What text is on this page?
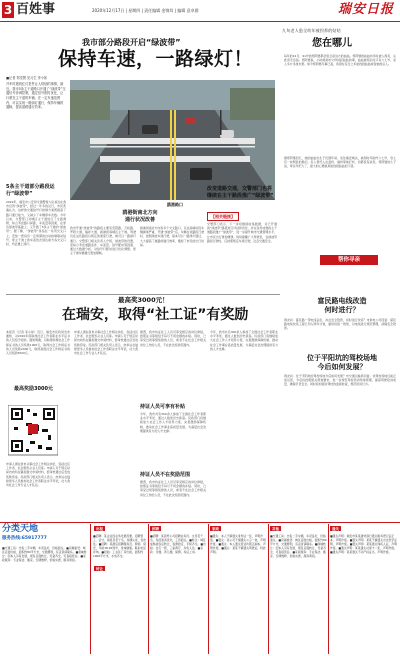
3 百姓事	2020年12月17日 | 星期四 | 责任编辑 金锦茸 | 编辑 意卓群	瑞安日报
我市部分路段开启“绿波带”
保持车速，一路绿灯！
■记者 郑觉慧 见习生 李小如
开车时遇到红灯是件让人烦恼的事情，最近，我市5条主干道路口开通了“绿波带”交通信号协调控制，通过信号配时优化，让行驶在主干道的车辆，在一定车速范围内，可以实现一路绿灯通行，保持车辆的通畅，提高道路通行效率。
鸥港路口
5条主干道部分路段运行“绿波带”
鸥港街南北方向
通行状况改善
改变道路交通，交警部门也将继续在主干路段推广“绿波带”
【相关链接】
2019年，瑞安市公安局交通警察大队首次在我市启用“绿波带”，经过一年多的运行，市民普遍认为，这样的交通信号灯控制方案既提高了路口通行能力，又减少了车辆停车次数。今年以来，交警部门对城区主干道进行了全面调研，综合考虑路口间距、车流量等因素，在原有绿波带基础上，又开通了5条主干道的“绿波带”。据了解，“绿波带”是指在一系列交叉口上，安装一套具有一定周期的自动控制联动信号，使主干道上的车流依次到达前方各交叉口时，均会遇上绿灯。
我市开通“绿波带”的路段主要有安阳路、万松路、罗阳大道、瑞祥大道、鸥港街等城区主干道。驾驶员在这些路段以规定的速度行驶，就可以一路绿灯通行。交警部门相关负责人介绍，绿波带的设置，需综合考虑道路条件、车流量、信号配时等因素，通过大数据分析，对信号灯配时进行优化调整，使主干道车辆通行更加顺畅。
鸥港街南北方向有多个交叉路口，以往高峰时段车辆拥堵严重，开通“绿波带”后，车辆在该路段行驶时，按照绿波车速行驶，基本可以一路绿灯通过，大大提高了道路的通行效率，缩短了市民的出行时间。
交警部门表示，下一步将继续收集数据，对已开通的“绿波带”路段进行评估和优化，并在条件成熟的主干道路段推广“绿波带”，进一步提升城市交通管理水平，让市民出行更加便捷。同时提醒广大驾驶员，在绿波带路段行驶时，应按照规定车速行驶，注意交通安全。
九旬老人患全幼年被拐养的姑姑
您在哪儿
每年的12月，91岁的郑阿婆都会思念起远方的姑姑。郑阿婆的姑姑幼年时被人拐卖，从此杳无音信。郑阿婆说，小时候常听父母讲起姑姑的事，姑姑被拐走时只有六七岁，家人多方寻找未果。如今郑阿婆年事已高，希望在有生之年能找到姑姑或者她的后人。
据郑阿婆回忆，她的姑姑出生于民国年间，家住瑞安城关，被拐时年龄约六七岁，身上有一块明显的胎记。家人曾托人在温州、福州等地打听，但都没有消息。郑阿婆的儿子说，母亲年纪大了，最大的心愿就是能找到姑姑的下落。
帮你寻亲
富民路电线改造
何时进行？
网友问：富民路一带电线杂乱，存在安全隐患，何时进行改造？市供电公司回复：富民路电线改造工程已列入明年计划，届时将统一规划，对电线进行规范整理，消除安全隐患。
位于平阳坑的驾校场地
今后如何发展？
网友问：位于平阳坑的驾校场地今后如何发展？市交通运输局回复：该驾校场地目前正常运营，今后将按照相关规划要求，进一步规范驾校培训场地管理，提高驾驶培训质量，确保学员安全。同时将加强对驾校的监督检查，规范培训行为。
最高奖3000元！
在瑞安，取得“社工证”有奖励
本报讯（记者 李小如）近日，瑞安市民政局发布通知，对2020年度取得社会工作者职业水平证书的人员给予奖励。通知明确，对取得助理社会工作师证书的人员奖励1000元，取得社会工作师证书的人员奖励2000元，取得高级社会工作师证书的人员奖励3000元。
最高奖励3000元
申请人须在我市从事社会工作相关岗位，包括社区工作者、社会组织从业人员等。申请人可于规定时间内向所在镇街提交申请材料，经审核通过后发放奖励资金。民政部门相关负责人表示，此举旨在鼓励更多人员参加社会工作者职业水平考试，壮大我市社会工作专业人才队伍。
申请人须在我市从事社会工作相关岗位，包括社区工作者、社会组织从业人员等。申请人可于规定时间内向所在镇街提交申请材料，经审核通过后发放奖励资金。民政部门相关负责人表示，此举旨在鼓励更多人员参加社会工作者职业水平考试，壮大我市社会工作专业人才队伍。
据悉，我市持证社工人员可享受相应的岗位津贴，按照证书等级给予每月不同金额的补贴。同时，已享受过同等级奖励的人员，或者不在社会工作相关岗位工作的人员，不在此次奖励范围内。
持证人员可享有补贴
今年，我市共有300余人参加了全国社会工作者职业水平考试，通过人数创历史新高。民政部门将继续加大社会工作人才培养力度，完善激励保障机制，推动社会工作事业高质量发展，为基层社会治理提供有力的人才支撑。
持证人员不在奖励范围
据悉，我市持证社工人员可享受相应的岗位津贴，按照证书等级给予每月不同金额的补贴。同时，已享受过同等级奖励的人员，或者不在社会工作相关岗位工作的人员，不在此次奖励范围内。
今年，我市共有300余人参加了全国社会工作者职业水平考试，通过人数创历史新高。民政部门将继续加大社会工作人才培养力度，完善激励保障机制，推动社会工作事业高质量发展，为基层社会治理提供有力的人才支撑。
分类天地
服务热线:65917777
出租
转让
招聘	家政	其他	遗失
■交通工具：出售二手车辆，车况良好，价格面议。■房屋租赁：城区店面出租，面积约80平方米，交通便利，有意者请联系。■商铺转让：因本人另有发展，现有店面转让，设备齐全，可直接营业。■家政服务：专业保洁、搬家、空调维修，价格实惠，服务周到。
■招聘：某企业因业务发展需要，招聘普工、会计、销售员若干名，待遇从优，包吃住。■招聘：某酒店招聘服务员、厨师、保安，年龄18-45周岁，身体健康。联系电话详询。■招租：工业区厂房出租，面积约1000平方米，水电齐全。
■招聘：某商贸公司招聘业务员、文员若干名，有经验者优先，工资面议。■转让：城区成熟美容店转让，客源稳定，手续齐全。■出租：住宅一套，三室两厅，拎包入住。■家政：月嫂、育儿嫂、保姆，持证上岗。
■遗失：本人不慎遗失身份证一张，声明作废。■遗失：某公司不慎遗失公章一枚，声明作废。■遗失：本人遗失营业执照正副本，声明作废。■遗失：某某不慎遗失驾驶证，特此声明。
■交通工具：出售二手车辆，车况良好，价格面议。■房屋租赁：城区店面出租，面积约80平方米，交通便利，有意者请联系。■商铺转让：因本人另有发展，现有店面转让，设备齐全，可直接营业。■家政服务：专业保洁、搬家、空调维修，价格实惠，服务周到。
■遗失声明：瑞安市某某建材商行遗失税务登记证正本，声明作废。■遗失声明：某某不慎遗失出生医学证明，声明作废。■遗失声明：某某遗失残疾人证，声明作废。■遗失声明：某某遗失社保卡一张，声明作废。■遗失声明：某某遗失不动产权证书，声明作废。
